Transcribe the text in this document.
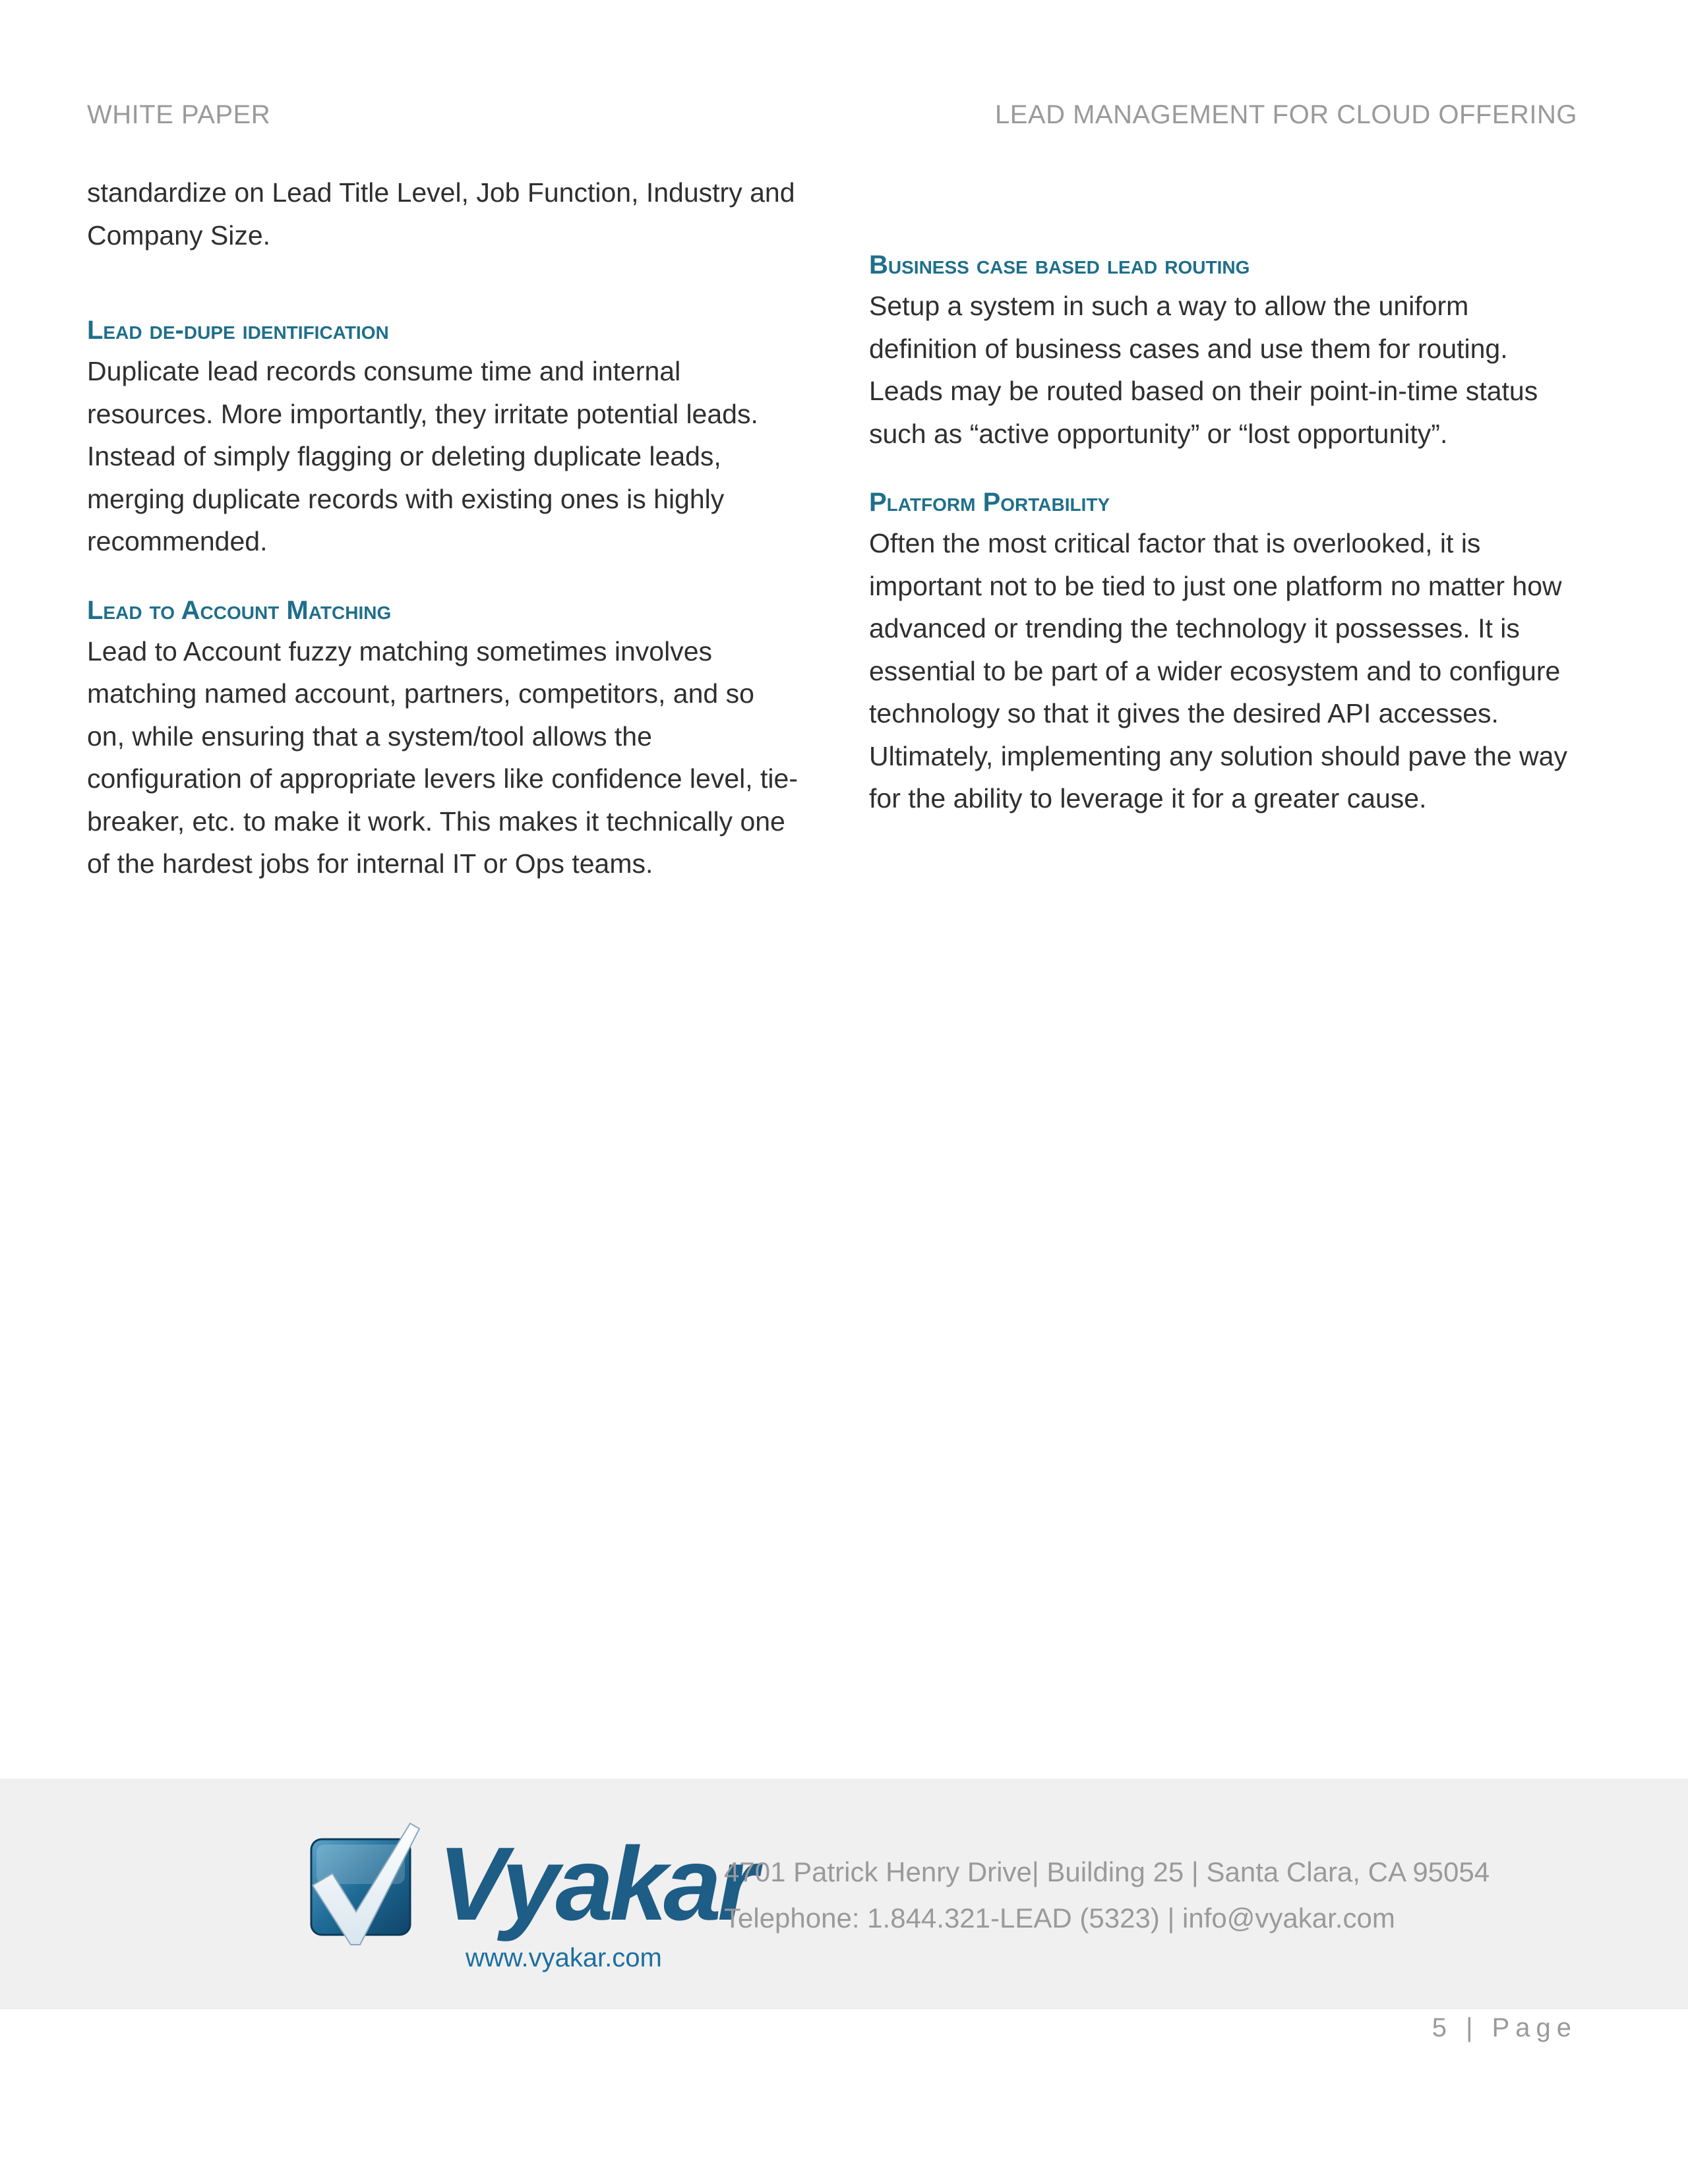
WHITE PAPER	LEAD MANAGEMENT FOR CLOUD OFFERING

standardize on Lead Title Level, Job Function, Industry and Company Size.

Lead de-dupe identification

Duplicate lead records consume time and internal resources. More importantly, they irritate potential leads. Instead of simply flagging or deleting duplicate leads, merging duplicate records with existing ones is highly recommended.

Lead to Account Matching

Lead to Account fuzzy matching sometimes involves matching named account, partners, competitors, and so on, while ensuring that a system/tool allows the configuration of appropriate levers like confidence level, tie-breaker, etc. to make it work. This makes it technically one of the hardest jobs for internal IT or Ops teams.

Business case based lead routing

Setup a system in such a way to allow the uniform definition of business cases and use them for routing. Leads may be routed based on their point-in-time status such as “active opportunity” or “lost opportunity”.

Platform Portability

Often the most critical factor that is overlooked, it is important not to be tied to just one platform no matter how advanced or trending the technology it possesses. It is essential to be part of a wider ecosystem and to configure technology so that it gives the desired API accesses. Ultimately, implementing any solution should pave the way for the ability to leverage it for a greater cause.

Vyakar
www.vyakar.com
4701 Patrick Henry Drive| Building 25 | Santa Clara, CA 95054
Telephone: 1.844.321-LEAD (5323) | info@vyakar.com
5 | Page
